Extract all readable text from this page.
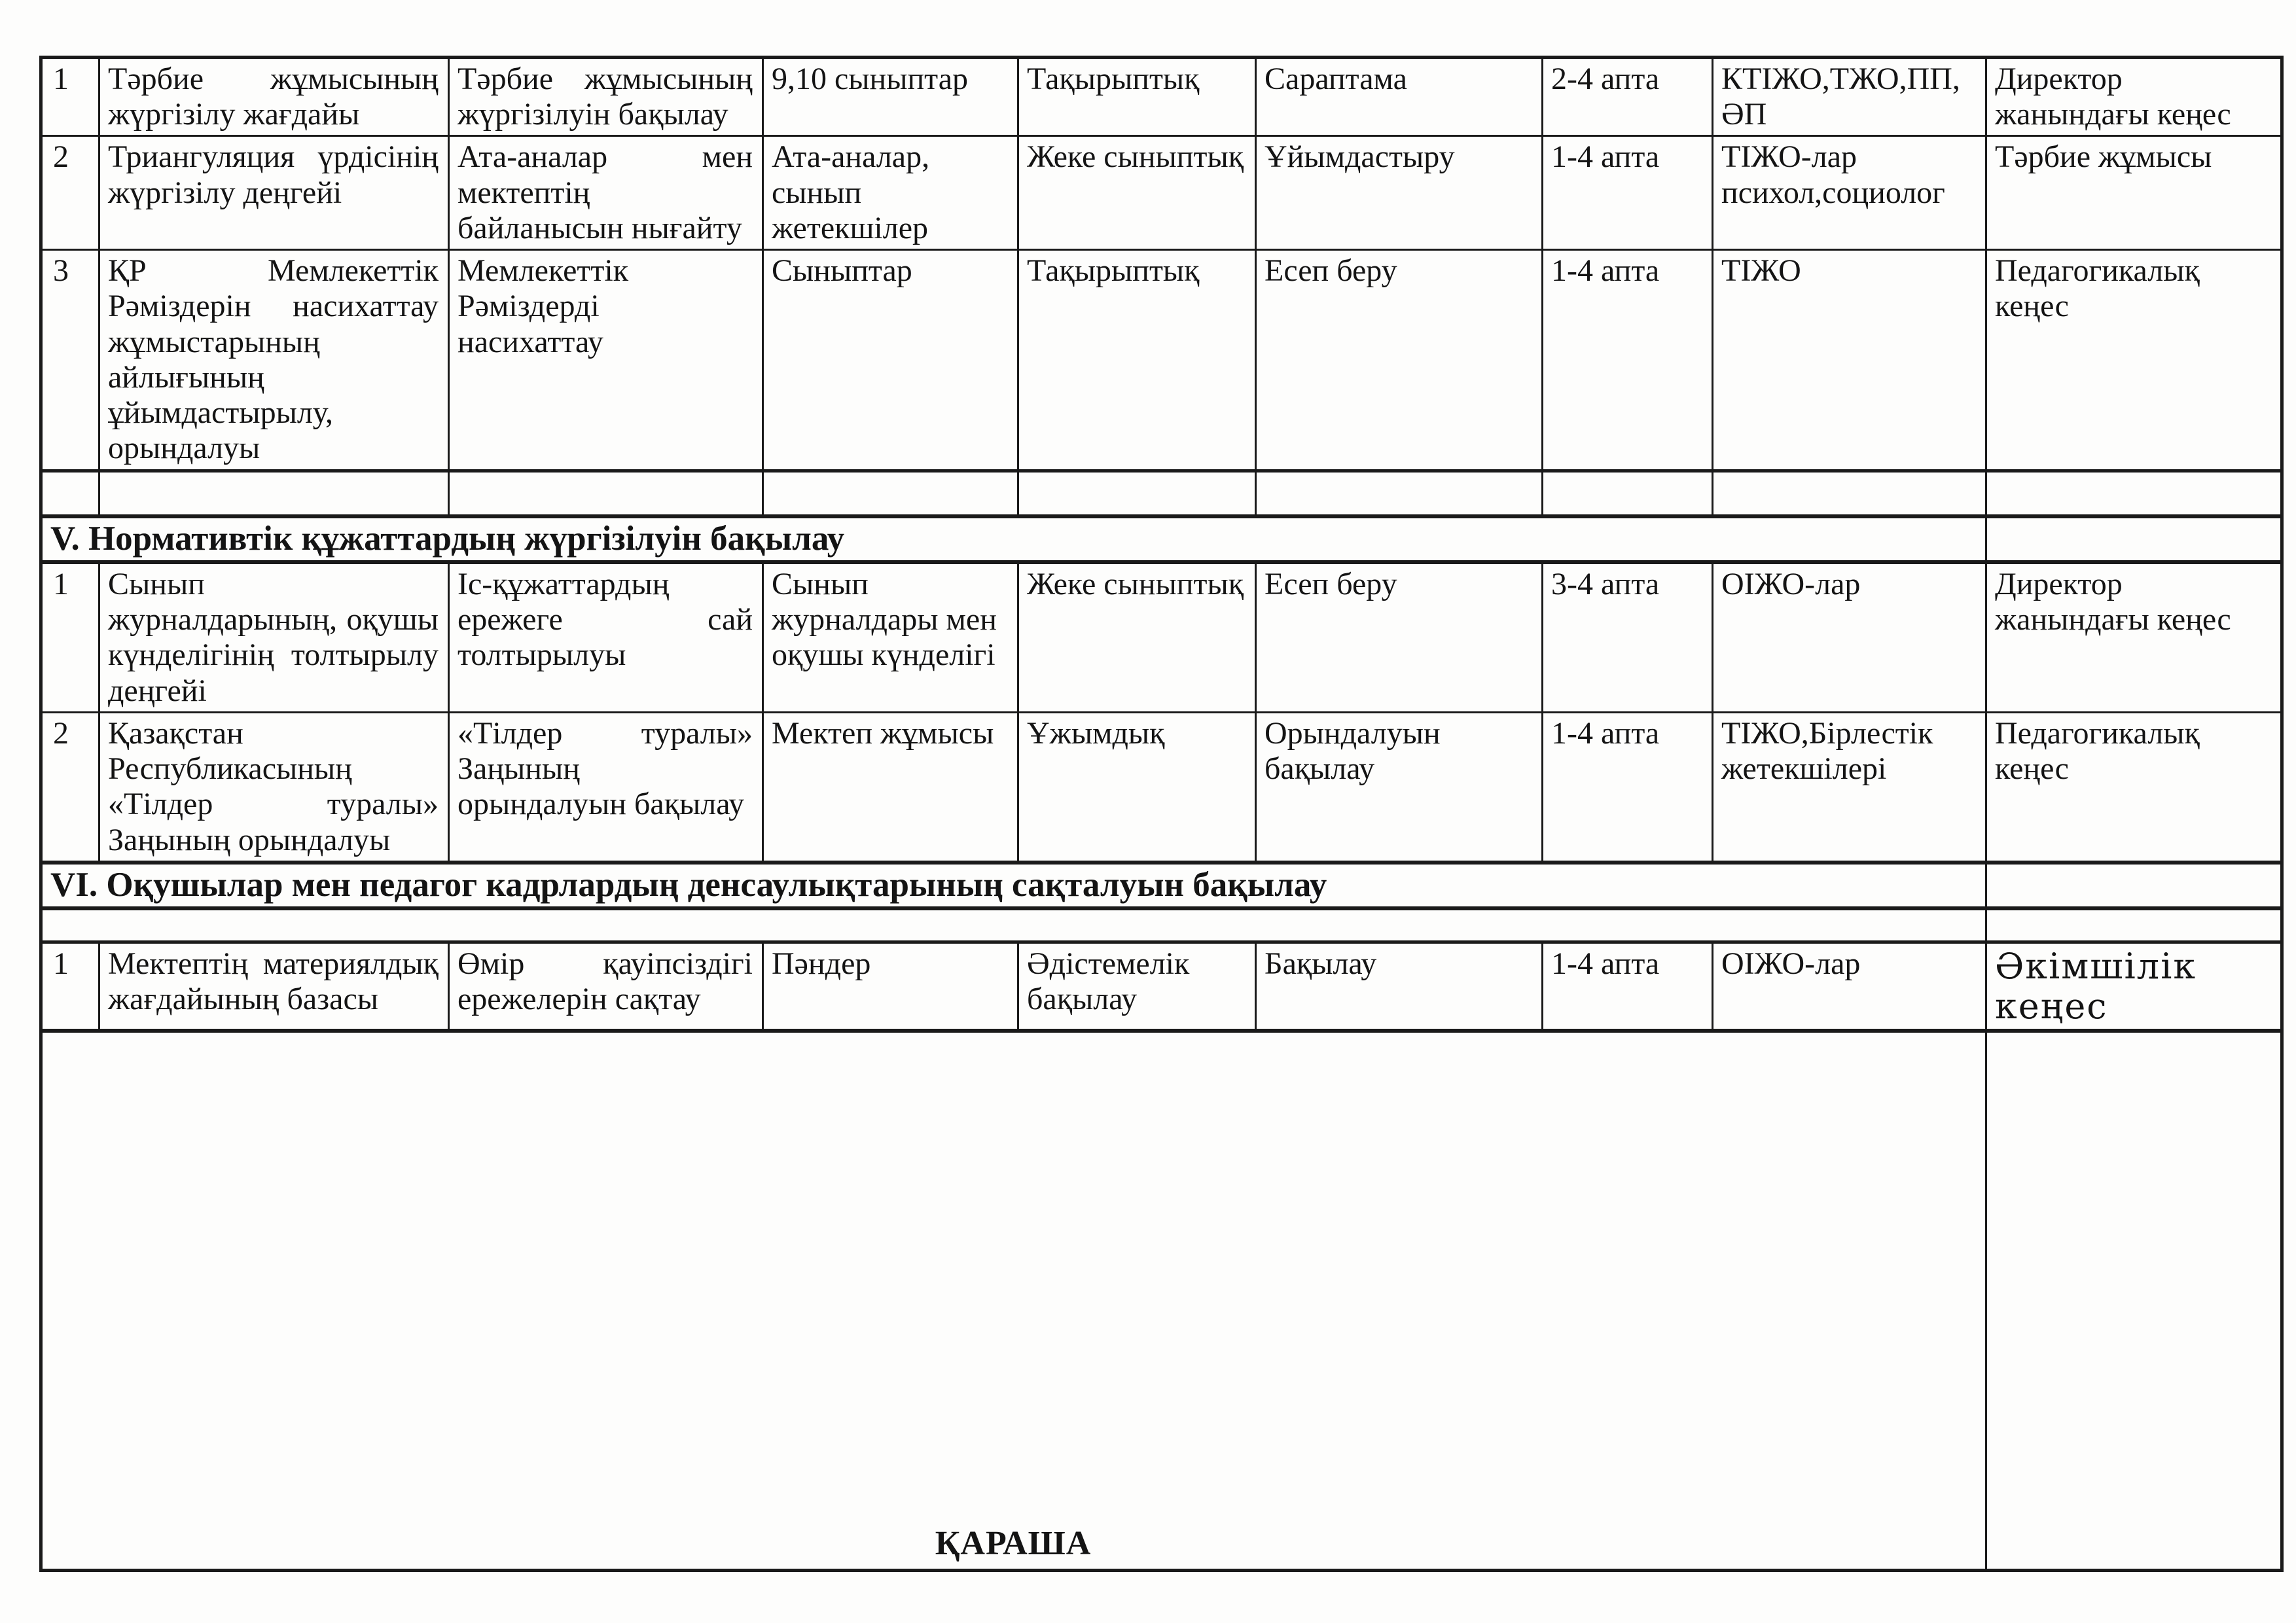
1	Тәрбие жұмысының жүргізілу жағдайы	Тәрбие жұмысының жүргізілуін бақылау	9,10 сыныптар	Тақырыптық	Сараптама	2-4 апта	КТІЖО,ТЖО,ПП, ӘП	Директор жанындағы кеңес
2	Триангуляция үрдісінің жүргізілу деңгейі	Ата-аналар мен мектептің байланысын нығайту	Ата-аналар, сынып жетекшілер	Жеке сыныптық	Ұйымдастыру	1-4 апта	ТІЖО-лар психол,социолог	Тәрбие жұмысы
3	ҚР Мемлекеттік Рәміздерін насихаттау жұмыстарының айлығының ұйымдастырылу, орындалуы	Мемлекеттік Рәміздерді насихаттау	Сыныптар	Тақырыптық	Есеп беру	1-4 апта	ТІЖО	Педагогикалық кеңес

V. Нормативтік құжаттардың жүргізілуін бақылау								
1	Сынып журналдарының, оқушы күнделігінің толтырылу деңгейі	Іс-құжаттардың ережеге сай толтырылуы	Сынып журналдары мен оқушы күнделігі	Жеке сыныптық	Есеп беру	3-4 апта	ОІЖО-лар	Директор жанындағы кеңес
2	Қазақстан Республикасының «Тілдер туралы» Заңының орындалуы	«Тілдер туралы» Заңының орындалуын бақылау	Мектеп жұмысы	Ұжымдық	Орындалуын бақылау	1-4 апта	ТІЖО,Бірлестік жетекшілері	Педагогикалық кеңес
VI. Оқушылар мен педагог кадрлардың денсаулықтарының сақталуын бақылау								

1	Мектептің материялдық жағдайының базасы	Өмір қауіпсіздігі ережелерін сақтау	Пәндер	Әдістемелік бақылау	Бақылау	1-4 апта	ОІЖО-лар	Әкімшілік кеңес
ҚАРАША								
